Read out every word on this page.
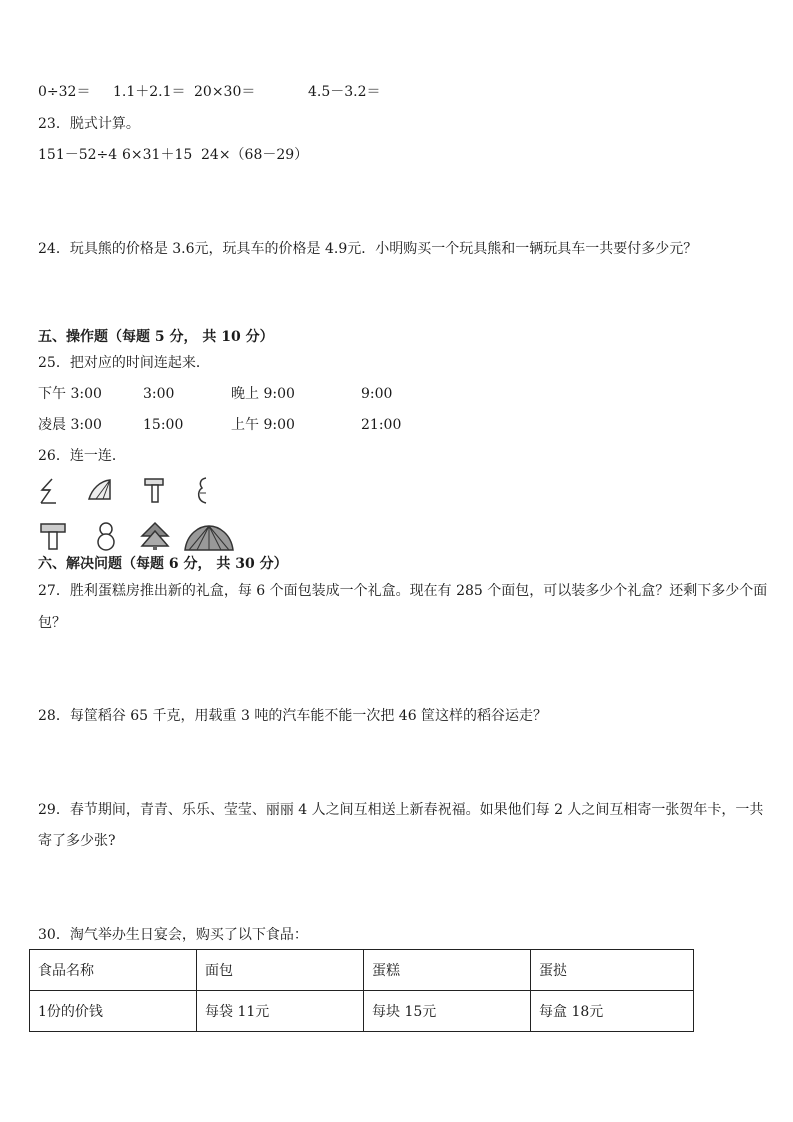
0÷32＝ 1.1＋2.1＝ 20×30＝	4.5－3.2＝
23．脱式计算。
151－52÷4 6×31＋15 24×（68－29）
24．玩具熊的价格是 3.6元，玩具车的价格是 4.9元．小明购买一个玩具熊和一辆玩具车一共要付多少元？
五、操作题（每题 5 分， 共 10 分）
25．把对应的时间连起来．
下午 3:00	3:00	晚上 9:00	9:00
凌晨 3:00	15:00	上午 9:00	21:00
26．连一连．
六、解决问题（每题 6 分， 共 30 分）
27．胜利蛋糕房推出新的礼盒，每 6 个面包装成一个礼盒。现在有 285 个面包，可以装多少个礼盒？还剩下多少个面
包？
28．每筐稻谷 65 千克，用载重 3 吨的汽车能不能一次把 46 筐这样的稻谷运走？
29．春节期间，青青、乐乐、莹莹、丽丽 4 人之间互相送上新春祝福。如果他们每 2 人之间互相寄一张贺年卡，一共
寄了多少张?
30．淘气举办生日宴会，购买了以下食品：
食品名称	面包	蛋糕	蛋挞
1份的价钱	每袋 11元	每块 15元	每盒 18元
